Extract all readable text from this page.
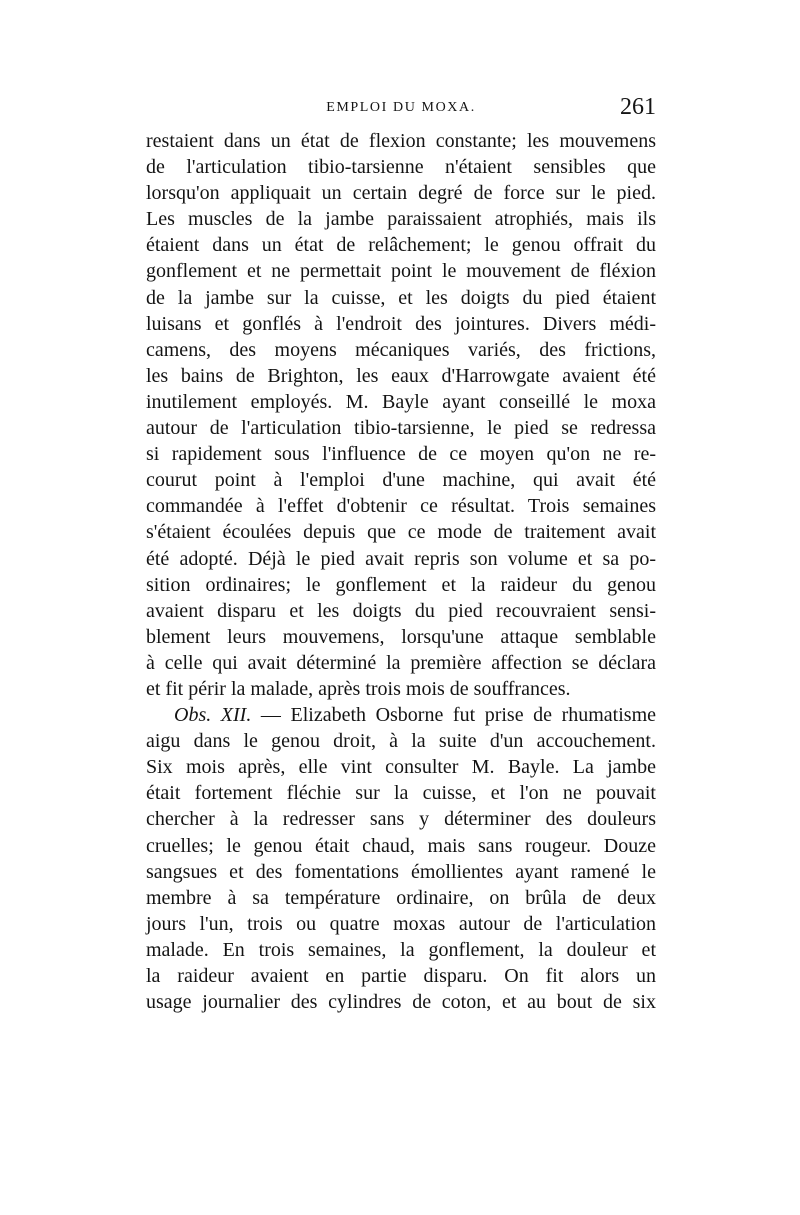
EMPLOI DU MOXA.	261
restaient dans un état de flexion constante; les mouvemens
de l'articulation tibio-tarsienne n'étaient sensibles que
lorsqu'on appliquait un certain degré de force sur le pied.
Les muscles de la jambe paraissaient atrophiés, mais ils
étaient dans un état de relâchement; le genou offrait du
gonflement et ne permettait point le mouvement de fléxion
de la jambe sur la cuisse, et les doigts du pied étaient
luisans et gonflés à l'endroit des jointures. Divers médi-
camens, des moyens mécaniques variés, des frictions,
les bains de Brighton, les eaux d'Harrowgate avaient été
inutilement employés. M. Bayle ayant conseillé le moxa
autour de l'articulation tibio-tarsienne, le pied se redressa
si rapidement sous l'influence de ce moyen qu'on ne re-
courut point à l'emploi d'une machine, qui avait été
commandée à l'effet d'obtenir ce résultat. Trois semaines
s'étaient écoulées depuis que ce mode de traitement avait
été adopté. Déjà le pied avait repris son volume et sa po-
sition ordinaires; le gonflement et la raideur du genou
avaient disparu et les doigts du pied recouvraient sensi-
blement leurs mouvemens, lorsqu'une attaque semblable
à celle qui avait déterminé la première affection se déclara
et fit périr la malade, après trois mois de souffrances.
Obs. XII. — Elizabeth Osborne fut prise de rhumatisme
aigu dans le genou droit, à la suite d'un accouchement.
Six mois après, elle vint consulter M. Bayle. La jambe
était fortement fléchie sur la cuisse, et l'on ne pouvait
chercher à la redresser sans y déterminer des douleurs
cruelles; le genou était chaud, mais sans rougeur. Douze
sangsues et des fomentations émollientes ayant ramené le
membre à sa température ordinaire, on brûla de deux
jours l'un, trois ou quatre moxas autour de l'articulation
malade. En trois semaines, la gonflement, la douleur et
la raideur avaient en partie disparu. On fit alors un
usage journalier des cylindres de coton, et au bout de six
